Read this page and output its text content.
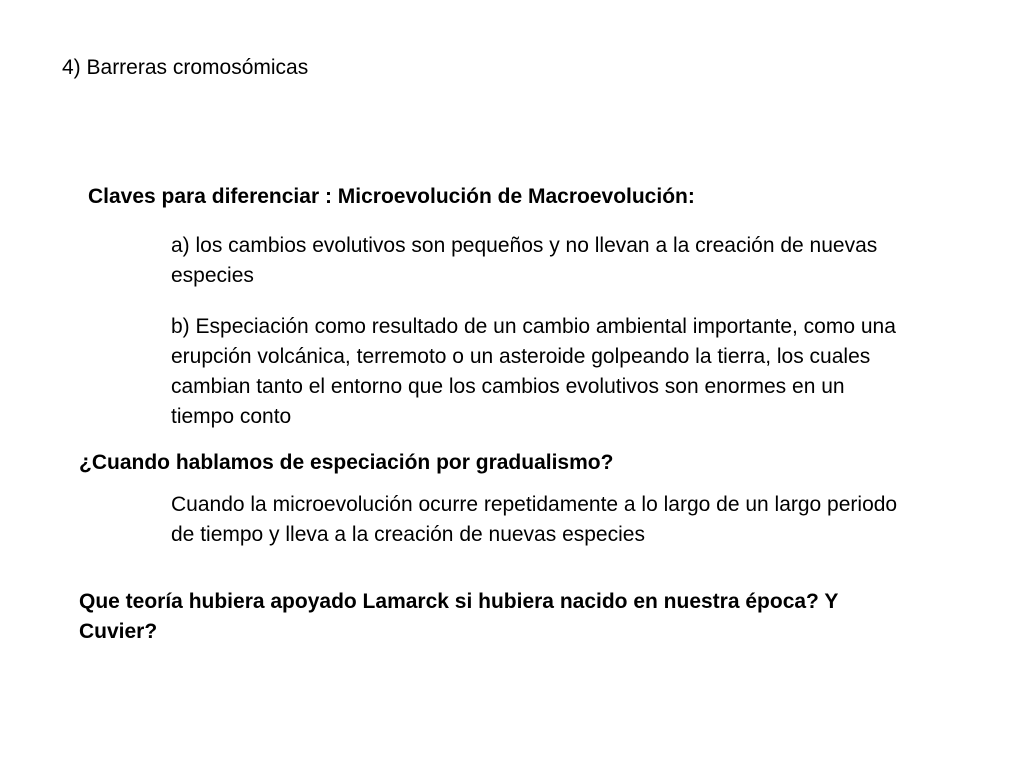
4) Barreras cromosómicas

Claves para diferenciar : Microevolución de Macroevolución:

a) los cambios evolutivos son pequeños y no llevan a la creación de nuevas especies

b) Especiación como resultado de un cambio ambiental importante, como una erupción volcánica, terremoto o un asteroide golpeando la tierra, los cuales cambian tanto el entorno que los cambios evolutivos son enormes en un tiempo conto

¿Cuando hablamos de especiación por gradualismo?

Cuando la microevolución ocurre repetidamente a lo largo de un largo periodo de tiempo y lleva a la creación de nuevas especies

Que teoría hubiera apoyado Lamarck si hubiera nacido en nuestra época? Y Cuvier?
